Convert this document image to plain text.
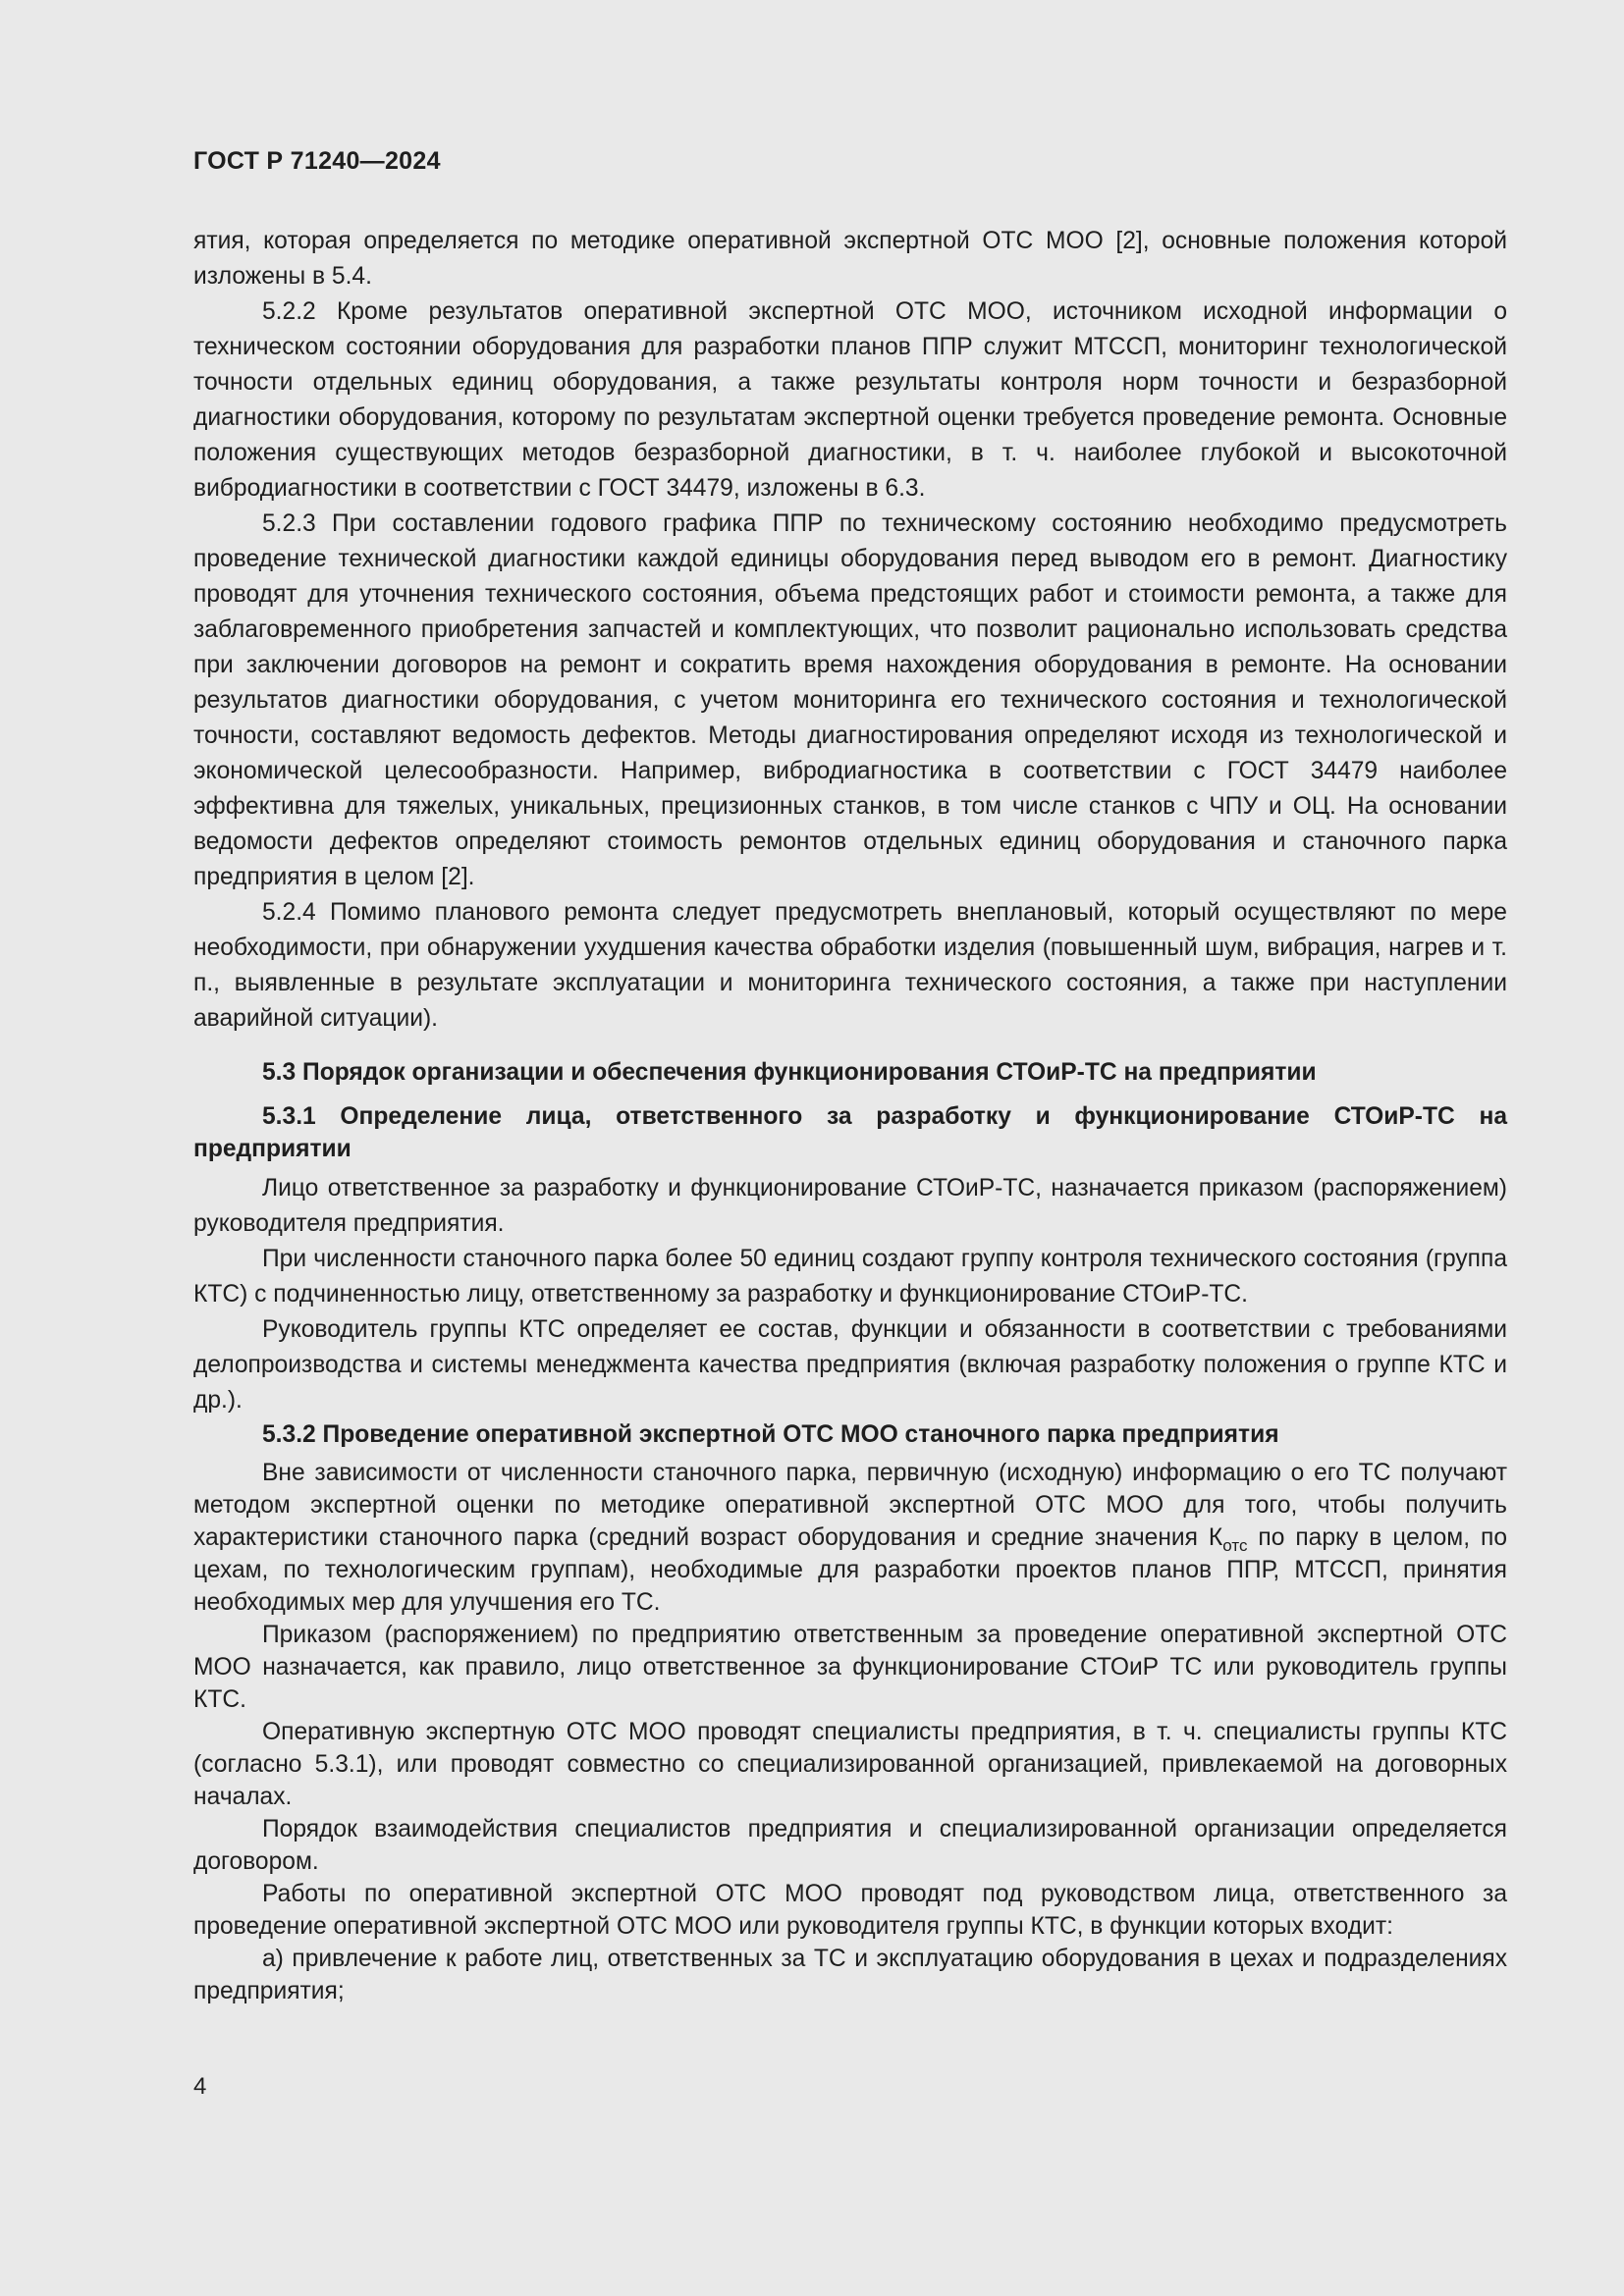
ГОСТ Р 71240—2024

ятия, которая определяется по методике оперативной экспертной ОТС МОО [2], основные положения которой изложены в 5.4.

5.2.2 Кроме результатов оперативной экспертной ОТС МОО, источником исходной информации о техническом состоянии оборудования для разработки планов ППР служит МТССП, мониторинг технологической точности отдельных единиц оборудования, а также результаты контроля норм точности и безразборной диагностики оборудования, которому по результатам экспертной оценки требуется проведение ремонта. Основные положения существующих методов безразборной диагностики, в т. ч. наиболее глубокой и высокоточной вибродиагностики в соответствии с ГОСТ 34479, изложены в 6.3.

5.2.3 При составлении годового графика ППР по техническому состоянию необходимо предусмотреть проведение технической диагностики каждой единицы оборудования перед выводом его в ремонт. Диагностику проводят для уточнения технического состояния, объема предстоящих работ и стоимости ремонта, а также для заблаговременного приобретения запчастей и комплектующих, что позволит рационально использовать средства при заключении договоров на ремонт и сократить время нахождения оборудования в ремонте. На основании результатов диагностики оборудования, с учетом мониторинга его технического состояния и технологической точности, составляют ведомость дефектов. Методы диагностирования определяют исходя из технологической и экономической целесообразности. Например, вибродиагностика в соответствии с ГОСТ 34479 наиболее эффективна для тяжелых, уникальных, прецизионных станков, в том числе станков с ЧПУ и ОЦ. На основании ведомости дефектов определяют стоимость ремонтов отдельных единиц оборудования и станочного парка предприятия в целом [2].

5.2.4 Помимо планового ремонта следует предусмотреть внеплановый, который осуществляют по мере необходимости, при обнаружении ухудшения качества обработки изделия (повышенный шум, вибрация, нагрев и т. п., выявленные в результате эксплуатации и мониторинга технического состояния, а также при наступлении аварийной ситуации).

5.3 Порядок организации и обеспечения функционирования СТОиР-ТС на предприятии
5.3.1 Определение лица, ответственного за разработку и функционирование СТОиР-ТС на предприятии

Лицо ответственное за разработку и функционирование СТОиР-ТС, назначается приказом (распоряжением) руководителя предприятия.

При численности станочного парка более 50 единиц создают группу контроля технического состояния (группа КТС) с подчиненностью лицу, ответственному за разработку и функционирование СТОиР-ТС.

Руководитель группы КТС определяет ее состав, функции и обязанности в соответствии с требованиями делопроизводства и системы менеджмента качества предприятия (включая разработку положения о группе КТС и др.).

5.3.2 Проведение оперативной экспертной ОТС МОО станочного парка предприятия

Вне зависимости от численности станочного парка, первичную (исходную) информацию о его ТС получают методом экспертной оценки по методике оперативной экспертной ОТС МОО для того, чтобы получить характеристики станочного парка (средний возраст оборудования и средние значения $К_{отс}$ по парку в целом, по цехам, по технологическим группам), необходимые для разработки проектов планов ППР, МТССП, принятия необходимых мер для улучшения его ТС.

Приказом (распоряжением) по предприятию ответственным за проведение оперативной экспертной ОТС МОО назначается, как правило, лицо ответственное за функционирование СТОиР ТС или руководитель группы КТС.

Оперативную экспертную ОТС МОО проводят специалисты предприятия, в т. ч. специалисты группы КТС (согласно 5.3.1), или проводят совместно со специализированной организацией, привлекаемой на договорных началах.

Порядок взаимодействия специалистов предприятия и специализированной организации определяется договором.

Работы по оперативной экспертной ОТС МОО проводят под руководством лица, ответственного за проведение оперативной экспертной ОТС МОО или руководителя группы КТС, в функции которых входит:

а) привлечение к работе лиц, ответственных за ТС и эксплуатацию оборудования в цехах и подразделениях предприятия;

4
